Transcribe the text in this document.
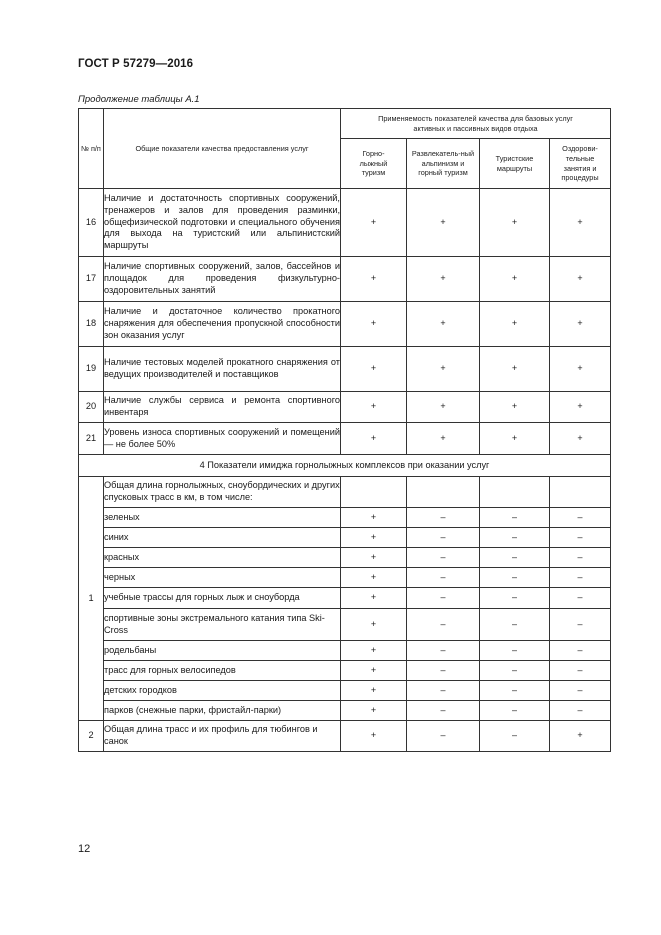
ГОСТ Р 57279—2016
Продолжение таблицы А.1
№ п/п	Общие показатели качества предоставления услуг	Применяемость показателей качества для базовых услуг активных и пассивных видов отдыха			
		Горно-лыжный туризм	Развлекатель-ный альпинизм и горный туризм	Туристские маршруты	Оздорови-тельные занятия и процедуры
16	Наличие и достаточность спортивных сооружений, тренажеров и залов для проведения разминки, общефизической подготовки и специального обучения для выхода на туристский или альпинистский маршруты	+	+	+	+
17	Наличие спортивных сооружений, залов, бассейнов и площадок для проведения физкультурно-оздоровительных занятий	+	+	+	+
18	Наличие и достаточное количество прокатного снаряжения для обеспечения пропускной способности зон оказания услуг	+	+	+	+
19	Наличие тестовых моделей прокатного снаряжения от ведущих производителей и поставщиков	+	+	+	+
20	Наличие службы сервиса и ремонта спортивного инвентаря	+	+	+	+
21	Уровень износа спортивных сооружений и помещений — не более 50%	+	+	+	+
4 Показатели имиджа горнолыжных комплексов при оказании услуг					
1	Общая длина горнолыжных, сноубордических и других спусковых трасс в км, в том числе:				
	зеленых	+	–	–	–
	синих	+	–	–	–
	красных	+	–	–	–
	черных	+	–	–	–
	учебные трассы для горных лыж и сноуборда	+	–	–	–
	спортивные зоны экстремального катания типа Ski-Cross	+	–	–	–
	родельбаны	+	–	–	–
	трасс для горных велосипедов	+	–	–	–
	детских городков	+	–	–	–
	парков (снежные парки, фристайл-парки)	+	–	–	–
2	Общая длина трасс и их профиль для тюбингов и санок	+	–	–	+
12
